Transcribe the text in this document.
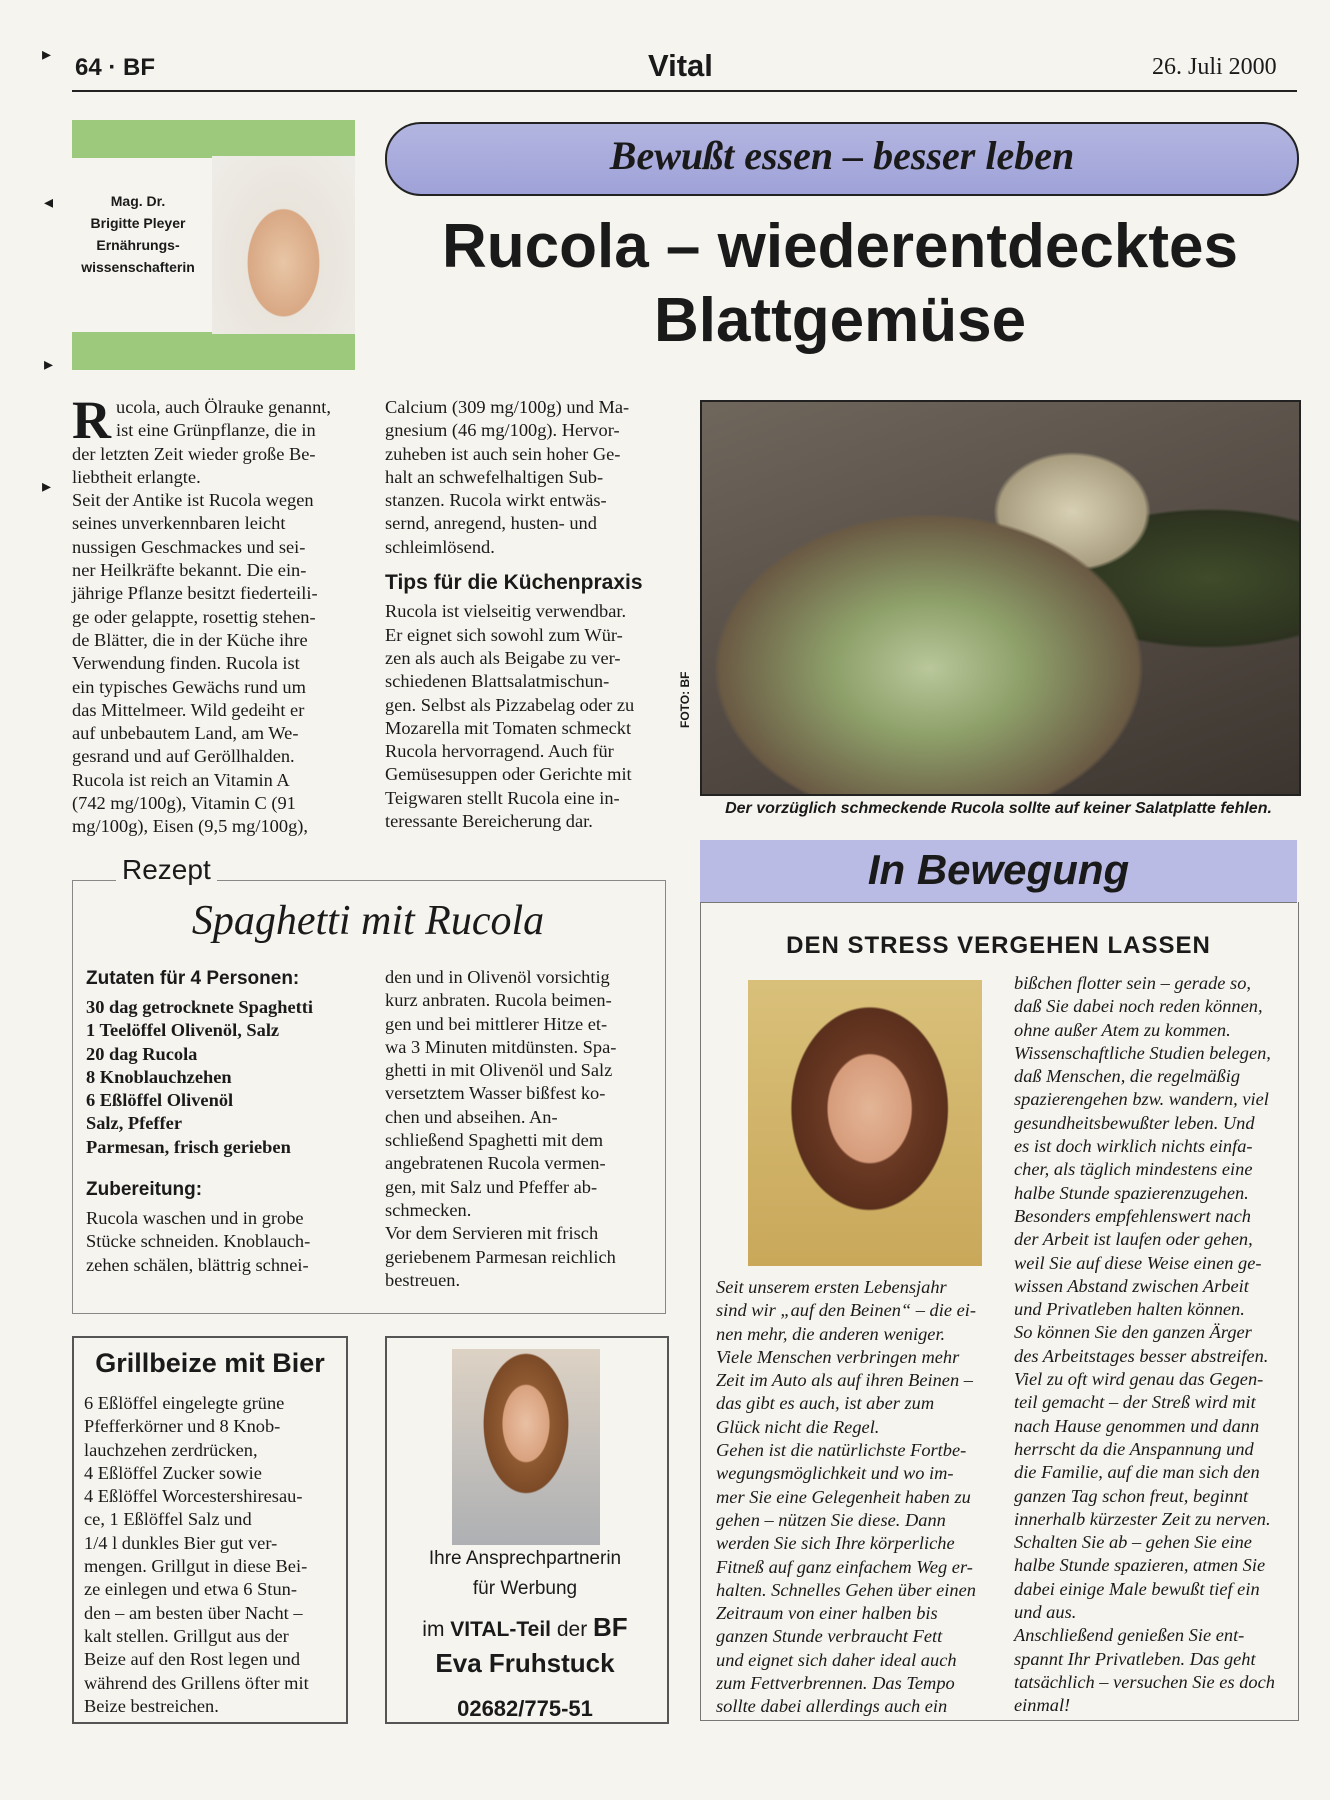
▸
◂
▸
▸
64 · BF	Vital	26. Juli 2000
Mag. Dr.
Brigitte Pleyer
Ernährungs-
wissenschafterin
Bewußt essen – besser leben
Rucola – wiederentdecktes
Blattgemüse
R ucola, auch Ölrauke genannt,
ist eine Grünpflanze, die in
der letzten Zeit wieder große Be-
liebtheit erlangte.
Seit der Antike ist Rucola wegen
seines unverkennbaren leicht
nussigen Geschmackes und sei-
ner Heilkräfte bekannt. Die ein-
jährige Pflanze besitzt fiederteili-
ge oder gelappte, rosettig stehen-
de Blätter, die in der Küche ihre
Verwendung finden. Rucola ist
ein typisches Gewächs rund um
das Mittelmeer. Wild gedeiht er
auf unbebautem Land, am We-
gesrand und auf Geröllhalden.
Rucola ist reich an Vitamin A
(742 mg/100g), Vitamin C (91
mg/100g), Eisen (9,5 mg/100g),
Calcium (309 mg/100g) und Ma-
gnesium (46 mg/100g). Hervor-
zuheben ist auch sein hoher Ge-
halt an schwefelhaltigen Sub-
stanzen. Rucola wirkt entwäs-
sernd, anregend, husten- und
schleimlösend.
Tips für die Küchenpraxis
Rucola ist vielseitig verwendbar.
Er eignet sich sowohl zum Wür-
zen als auch als Beigabe zu ver-
schiedenen Blattsalatmischun-
gen. Selbst als Pizzabelag oder zu
Mozarella mit Tomaten schmeckt
Rucola hervorragend. Auch für
Gemüsesuppen oder Gerichte mit
Teigwaren stellt Rucola eine in-
teressante Bereicherung dar.
FOTO: BF
Der vorzüglich schmeckende Rucola sollte auf keiner Salatplatte fehlen.
Rezept
Spaghetti mit Rucola
Zutaten für 4 Personen:
30 dag getrocknete Spaghetti
1 Teelöffel Olivenöl, Salz
20 dag Rucola
8 Knoblauchzehen
6 Eßlöffel Olivenöl
Salz, Pfeffer
Parmesan, frisch gerieben
Zubereitung:
Rucola waschen und in grobe
Stücke schneiden. Knoblauch-
zehen schälen, blättrig schnei-
den und in Olivenöl vorsichtig
kurz anbraten. Rucola beimen-
gen und bei mittlerer Hitze et-
wa 3 Minuten mitdünsten. Spa-
ghetti in mit Olivenöl und Salz
versetztem Wasser bißfest ko-
chen und abseihen. An-
schließend Spaghetti mit dem
angebratenen Rucola vermen-
gen, mit Salz und Pfeffer ab-
schmecken.
Vor dem Servieren mit frisch
geriebenem Parmesan reichlich
bestreuen.
Grillbeize mit Bier
6 Eßlöffel eingelegte grüne
Pfefferkörner und 8 Knob-
lauchzehen zerdrücken,
4 Eßlöffel Zucker sowie
4 Eßlöffel Worcestershiresau-
ce, 1 Eßlöffel Salz und
1/4 l dunkles Bier gut ver-
mengen. Grillgut in diese Bei-
ze einlegen und etwa 6 Stun-
den – am besten über Nacht –
kalt stellen. Grillgut aus der
Beize auf den Rost legen und
während des Grillens öfter mit
Beize bestreichen.
Ihre Ansprechpartnerin
für Werbung
im VITAL-Teil der BF
Eva Fruhstuck
02682/775-51
In Bewegung
DEN STRESS VERGEHEN LASSEN
Seit unserem ersten Lebensjahr
sind wir „auf den Beinen“ – die ei-
nen mehr, die anderen weniger.
Viele Menschen verbringen mehr
Zeit im Auto als auf ihren Beinen –
das gibt es auch, ist aber zum
Glück nicht die Regel.
Gehen ist die natürlichste Fortbe-
wegungsmöglichkeit und wo im-
mer Sie eine Gelegenheit haben zu
gehen – nützen Sie diese. Dann
werden Sie sich Ihre körperliche
Fitneß auf ganz einfachem Weg er-
halten. Schnelles Gehen über einen
Zeitraum von einer halben bis
ganzen Stunde verbraucht Fett
und eignet sich daher ideal auch
zum Fettverbrennen. Das Tempo
sollte dabei allerdings auch ein
bißchen flotter sein – gerade so,
daß Sie dabei noch reden können,
ohne außer Atem zu kommen.
Wissenschaftliche Studien belegen,
daß Menschen, die regelmäßig
spazierengehen bzw. wandern, viel
gesundheitsbewußter leben. Und
es ist doch wirklich nichts einfa-
cher, als täglich mindestens eine
halbe Stunde spazierenzugehen.
Besonders empfehlenswert nach
der Arbeit ist laufen oder gehen,
weil Sie auf diese Weise einen ge-
wissen Abstand zwischen Arbeit
und Privatleben halten können.
So können Sie den ganzen Ärger
des Arbeitstages besser abstreifen.
Viel zu oft wird genau das Gegen-
teil gemacht – der Streß wird mit
nach Hause genommen und dann
herrscht da die Anspannung und
die Familie, auf die man sich den
ganzen Tag schon freut, beginnt
innerhalb kürzester Zeit zu nerven.
Schalten Sie ab – gehen Sie eine
halbe Stunde spazieren, atmen Sie
dabei einige Male bewußt tief ein
und aus.
Anschließend genießen Sie ent-
spannt Ihr Privatleben. Das geht
tatsächlich – versuchen Sie es doch
einmal!
